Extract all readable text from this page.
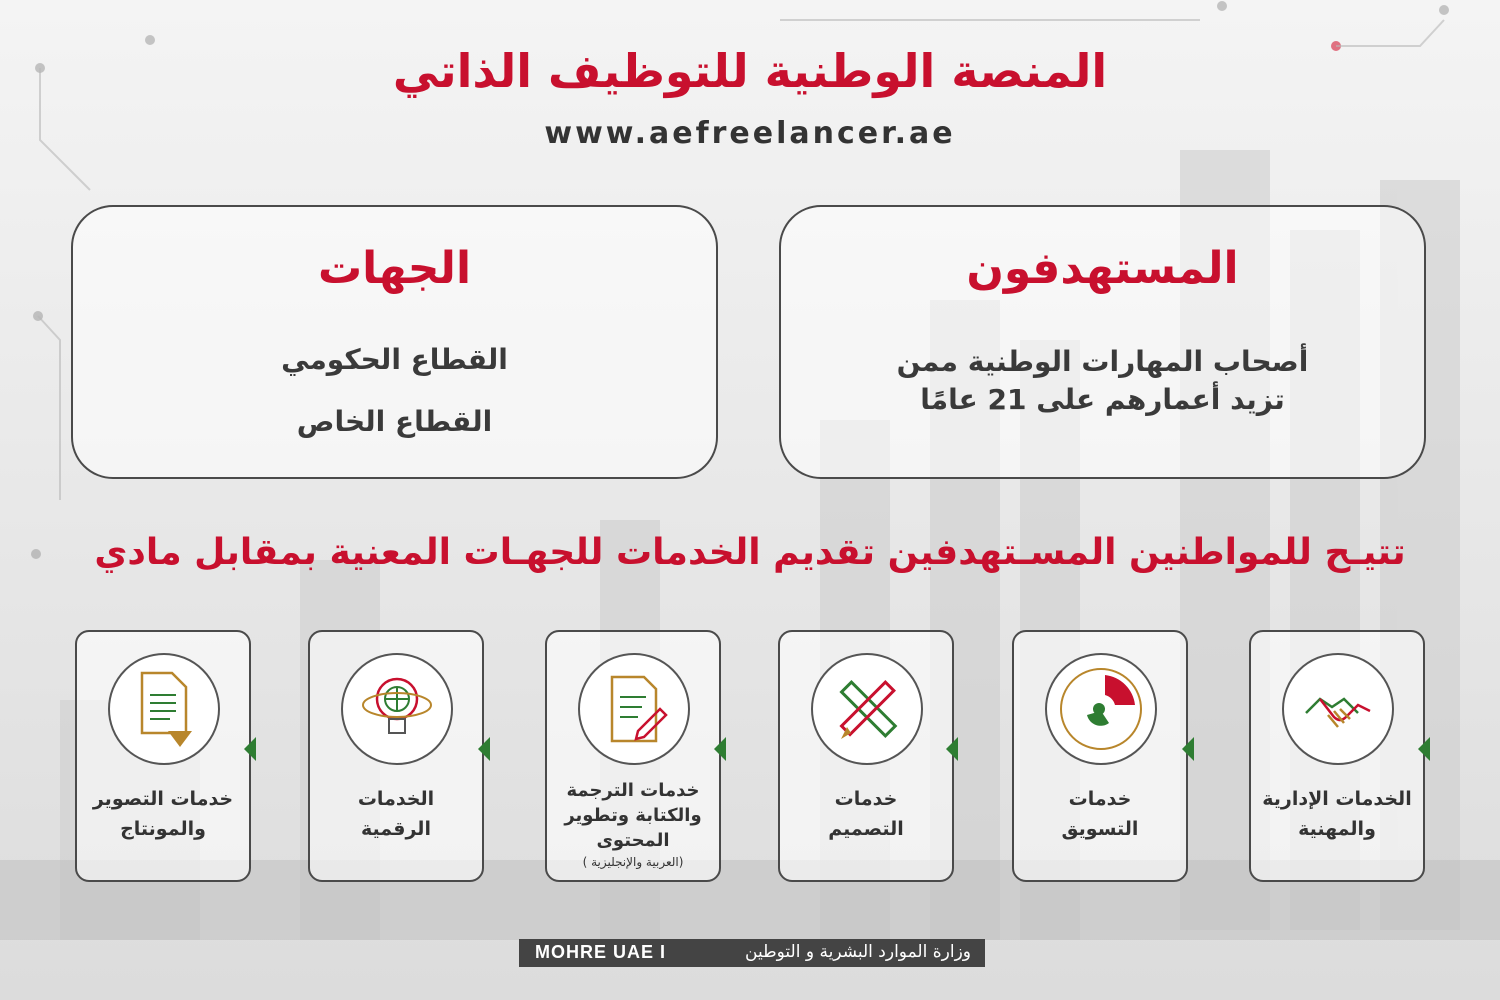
المنصة الوطنية للتوظيف الذاتي
www.aefreelancer.ae
الجهات
القطاع الحكومي
القطاع الخاص
المستهدفون
أصحاب المهارات الوطنية ممن
تزيد أعمارهم على 21 عامًا
تتيـح للمواطنين المسـتهدفين تقديم الخدمات للجهـات المعنية بمقابل مادي
الخدمات الإدارية
والمهنية
خدمات
التسويق
خدمات
التصميم
خدمات الترجمة
والكتابة وتطوير
المحتوى
(العربية والإنجليزية )
الخدمات
الرقمية
خدمات التصوير
والمونتاج
MOHRE UAE I	وزارة الموارد البشرية و التوطين
